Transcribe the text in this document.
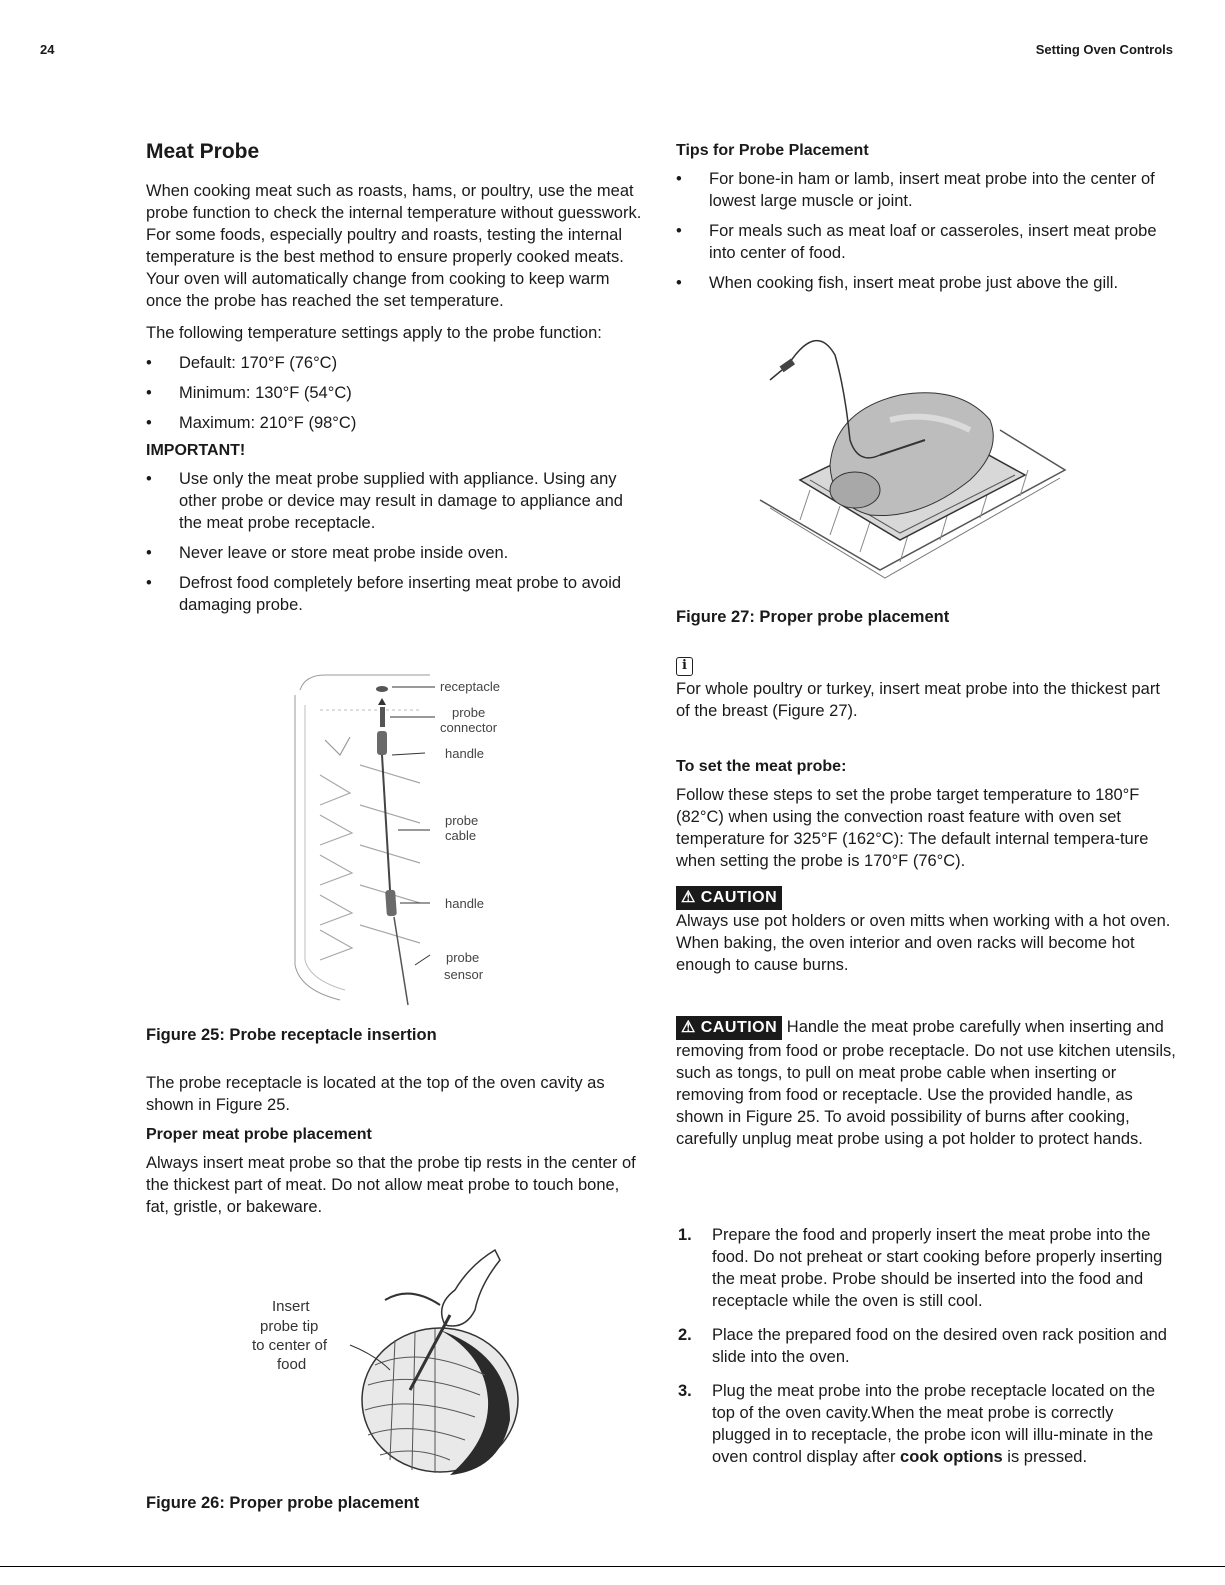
24	Setting Oven Controls
Meat Probe

When cooking meat such as roasts, hams, or poultry, use the meat probe function to check the internal temperature without guesswork. For some foods, especially poultry and roasts, testing the internal temperature is the best method to ensure properly cooked meats. Your oven will automatically change from cooking to keep warm once the probe has reached the set temperature.

The following temperature settings apply to the probe function:

• Default: 170°F (76°C)
• Minimum: 130°F (54°C)
• Maximum: 210°F (98°C)
IMPORTANT!
• Use only the meat probe supplied with appliance. Using any other probe or device may result in damage to appliance and the meat probe receptacle.
• Never leave or store meat probe inside oven.
• Defrost food completely before inserting meat probe to avoid damaging probe.
receptacle
probe
connector
handle
probe
cable
handle
probe
sensor
Figure 25: Probe receptacle insertion

The probe receptacle is located at the top of the oven cavity as shown in Figure 25.

Proper meat probe placement

Always insert meat probe so that the probe tip rests in the center of the thickest part of meat. Do not allow meat probe to touch bone, fat, gristle, or bakeware.

Insert
probe tip
to center of
food
Figure 26: Proper probe placement
Tips for Probe Placement
• For bone-in ham or lamb, insert meat probe into the center of lowest large muscle or joint.
• For meals such as meat loaf or casseroles, insert meat probe into center of food.
• When cooking fish, insert meat probe just above the gill.
Figure 27: Proper probe placement
i

For whole poultry or turkey, insert meat probe into the thickest part of the breast (Figure 27).

To set the meat probe:

Follow these steps to set the probe target temperature to 180°F (82°C) when using the convection roast feature with oven set temperature for 325°F (162°C): The default internal tempera-ture when setting the probe is 170°F (76°C).

⚠ CAUTION

Always use pot holders or oven mitts when working with a hot oven. When baking, the oven interior and oven racks will become hot enough to cause burns.

⚠ CAUTION Handle the meat probe carefully when inserting and removing from food or probe receptacle. Do not use kitchen utensils, such as tongs, to pull on meat probe cable when inserting or removing from food or receptacle. Use the provided handle, as shown in Figure 25. To avoid possibility of burns after cooking, carefully unplug meat probe using a pot holder to protect hands.

1. Prepare the food and properly insert the meat probe into the food. Do not preheat or start cooking before properly inserting the meat probe. Probe should be inserted into the food and receptacle while the oven is still cool.
2. Place the prepared food on the desired oven rack position and slide into the oven.
3. Plug the meat probe into the probe receptacle located on the top of the oven cavity.When the meat probe is correctly plugged in to receptacle, the probe icon will illu-minate in the oven control display after cook options is pressed.
